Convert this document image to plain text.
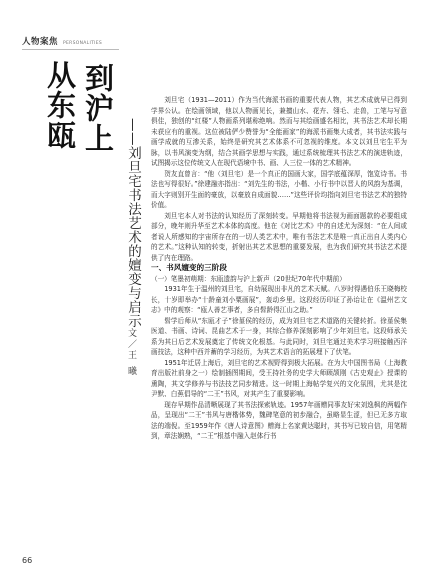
人物案焦 PERSONALITIES
从东瓯 到沪上
——刘旦宅书法艺术的嬗变与启示
文／王 曦

刘旦宅（1931—2011）作为当代海派书画的重要代表人物，其艺术成就早已得到学界公认。在绘画领域，他以人物画见长，兼擅山水、花卉、翎毛、走兽，工笔与写意俱佳，独创的“红楼”人物画系列堪称绝响。然而与其绘画盛名相比，其书法艺术却长期未获应有的重视。这位被陆俨少赞誉为“全能画家”的海派书画集大成者，其书法实践与画学成就的互渗关系，始终是研究其艺术体系不可忽视的维度。本文以刘旦宅生平为脉，以书风演变为纲，结合其画学思想与实践，通过系统梳理其书法艺术的演进轨迹，试图揭示这位传统文人在现代语境中书、画、人三位一体的艺术精神。

贺友直曾言：“他（刘旦宅）是一个真正的国画大家，国学底蕴深厚，饱览诗书。书法也写得很好。”徐建融亦指出：“刘先生的书法，小楷、小行书中以晋人的风韵为基调，而大字则别开生面的豪放，以豪放自成面貌……”这些评价均指向刘旦宅书法艺术的独特价值。

刘旦宅本人对书法的认知经历了深刻转变。早期他将书法视为画面题款的必要组成部分，晚年则升华至艺术本体的高度。他在《对比艺术》中的自述尤为深刻：“在人间或者说人所感知的宇宙所存在的一切人类艺术中，唯有书法艺术是唯一真正出自人类内心的艺术。”这种认知的转变，折射出其艺术思想的重要发展，也为我们研究其书法艺术提供了内在理路。

一、书风嬗变的三阶段

（一）笔墨初萌期：东瓯遗韵与沪上新声（20世纪70年代中期前）

1931年生于温州的刘旦宅，自幼展现出非凡的艺术天赋。八岁时得遇伯乐王晓梅校长，十岁即举办“十龄童刘小粟画展”，轰动乡里。这段经历印证了孙诒让在《温州艺文志》中的观察：“瓯人善艺事者，多自髫龄得江山之助。”

髫学后师从“东瓯才子”徐堇侯的经历，成为刘旦宅艺术道路的关键转折。徐堇侯集医道、书画、诗词、昆曲艺术于一身，其综合修养深刻影响了少年刘旦宅。这段师承关系为其日后艺术发展奠定了传统文化根基。与此同时，刘旦宅通过美术学习班接触西洋画技法，这种中西并蓄的学习经历，为其艺术语言的拓展埋下了伏笔。

1951年迁居上海后，刘旦宅的艺术视野得到极大拓展。在为大中国图书局（上海教育出版社前身之一）绘制插图期间，受王持社务的史学大师顾颉刚《古史观止》授课的熏陶，其文学修养与书法技艺同步精进。这一时期上海帖学复兴的文化氛围，尤其是沈尹默、白蕉倡导的“二王”书风，对其产生了重要影响。

现存早期作品清晰展现了其书法探索轨迹。1957年画赠同事友好宋刘逸枫的两幅作品，呈现出“二王”书风与唐楷体势，魏碑笔意的初步融合，虽略显生涩，但已无多方取法的端倪。至1959年作《唐人诗意图》赠海上名家黄达聪时，其书写已较自信，用笔精到，章法娴熟，“二王”根基中融入赵体行书

66
